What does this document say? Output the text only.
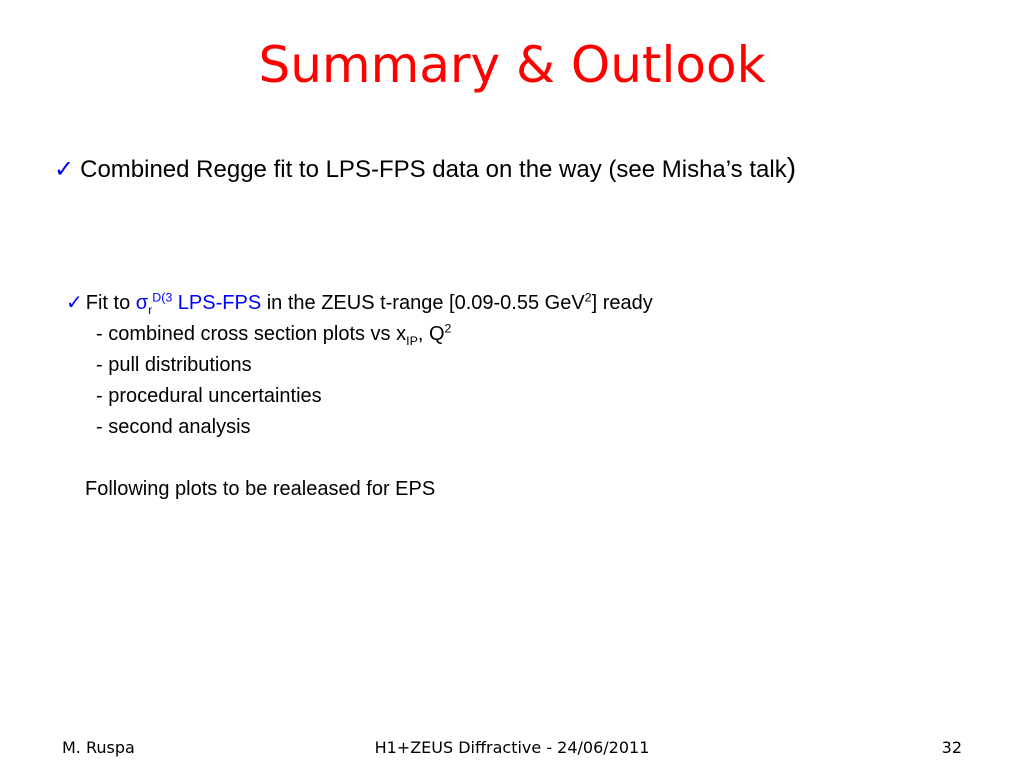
Summary & Outlook
✓ Combined Regge fit to LPS-FPS data on the way (see Misha’s talk)
✓ Fit to $\sigma_r^{D(3}$ LPS-FPS in the ZEUS t-range [0.09-0.55 GeV$^2$] ready
- combined cross section plots vs $x_{IP}$, $Q^2$
- pull distributions
- procedural uncertainties
- second analysis
Following plots to be realeased for EPS
M. Ruspa	H1+ZEUS Diffractive - 24/06/2011	32
